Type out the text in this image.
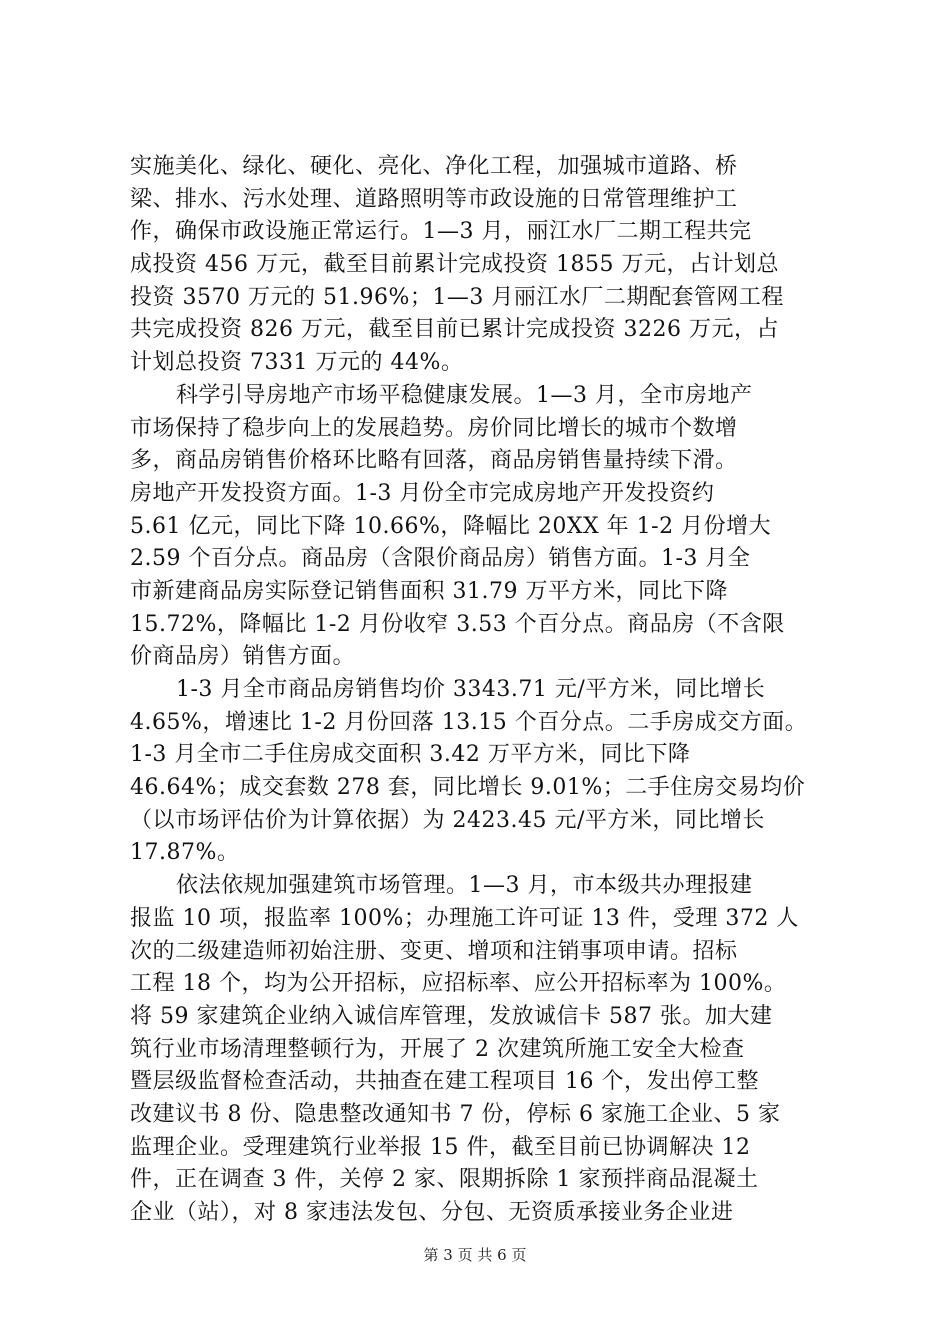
实施美化、绿化、硬化、亮化、净化工程，加强城市道路、桥
梁、排水、污水处理、道路照明等市政设施的日常管理维护工
作，确保市政设施正常运行。1—3 月，丽江水厂二期工程共完
成投资 456 万元，截至目前累计完成投资 1855 万元，占计划总
投资 3570 万元的 51.96%；1—3 月丽江水厂二期配套管网工程
共完成投资 826 万元，截至目前已累计完成投资 3226 万元，占
计划总投资 7331 万元的 44%。
科学引导房地产市场平稳健康发展。1—3 月，全市房地产
市场保持了稳步向上的发展趋势。房价同比增长的城市个数增
多，商品房销售价格环比略有回落，商品房销售量持续下滑。
房地产开发投资方面。1-3 月份全市完成房地产开发投资约
5.61 亿元，同比下降 10.66%，降幅比 20XX 年 1-2 月份增大
2.59 个百分点。商品房（含限价商品房）销售方面。1-3 月全
市新建商品房实际登记销售面积 31.79 万平方米，同比下降
15.72%，降幅比 1-2 月份收窄 3.53 个百分点。商品房（不含限
价商品房）销售方面。
1-3 月全市商品房销售均价 3343.71 元/平方米，同比增长
4.65%，增速比 1-2 月份回落 13.15 个百分点。二手房成交方面。
1-3 月全市二手住房成交面积 3.42 万平方米，同比下降
46.64%；成交套数 278 套，同比增长 9.01%；二手住房交易均价
（以市场评估价为计算依据）为 2423.45 元/平方米，同比增长
17.87%。
依法依规加强建筑市场管理。1—3 月，市本级共办理报建
报监 10 项，报监率 100%；办理施工许可证 13 件，受理 372 人
次的二级建造师初始注册、变更、增项和注销事项申请。招标
工程 18 个，均为公开招标，应招标率、应公开招标率为 100%。
将 59 家建筑企业纳入诚信库管理，发放诚信卡 587 张。加大建
筑行业市场清理整顿行为，开展了 2 次建筑所施工安全大检查
暨层级监督检查活动，共抽查在建工程项目 16 个，发出停工整
改建议书 8 份、隐患整改通知书 7 份，停标 6 家施工企业、5 家
监理企业。受理建筑行业举报 15 件，截至目前已协调解决 12
件，正在调查 3 件，关停 2 家、限期拆除 1 家预拌商品混凝土
企业（站），对 8 家违法发包、分包、无资质承接业务企业进
第 3 页 共 6 页
